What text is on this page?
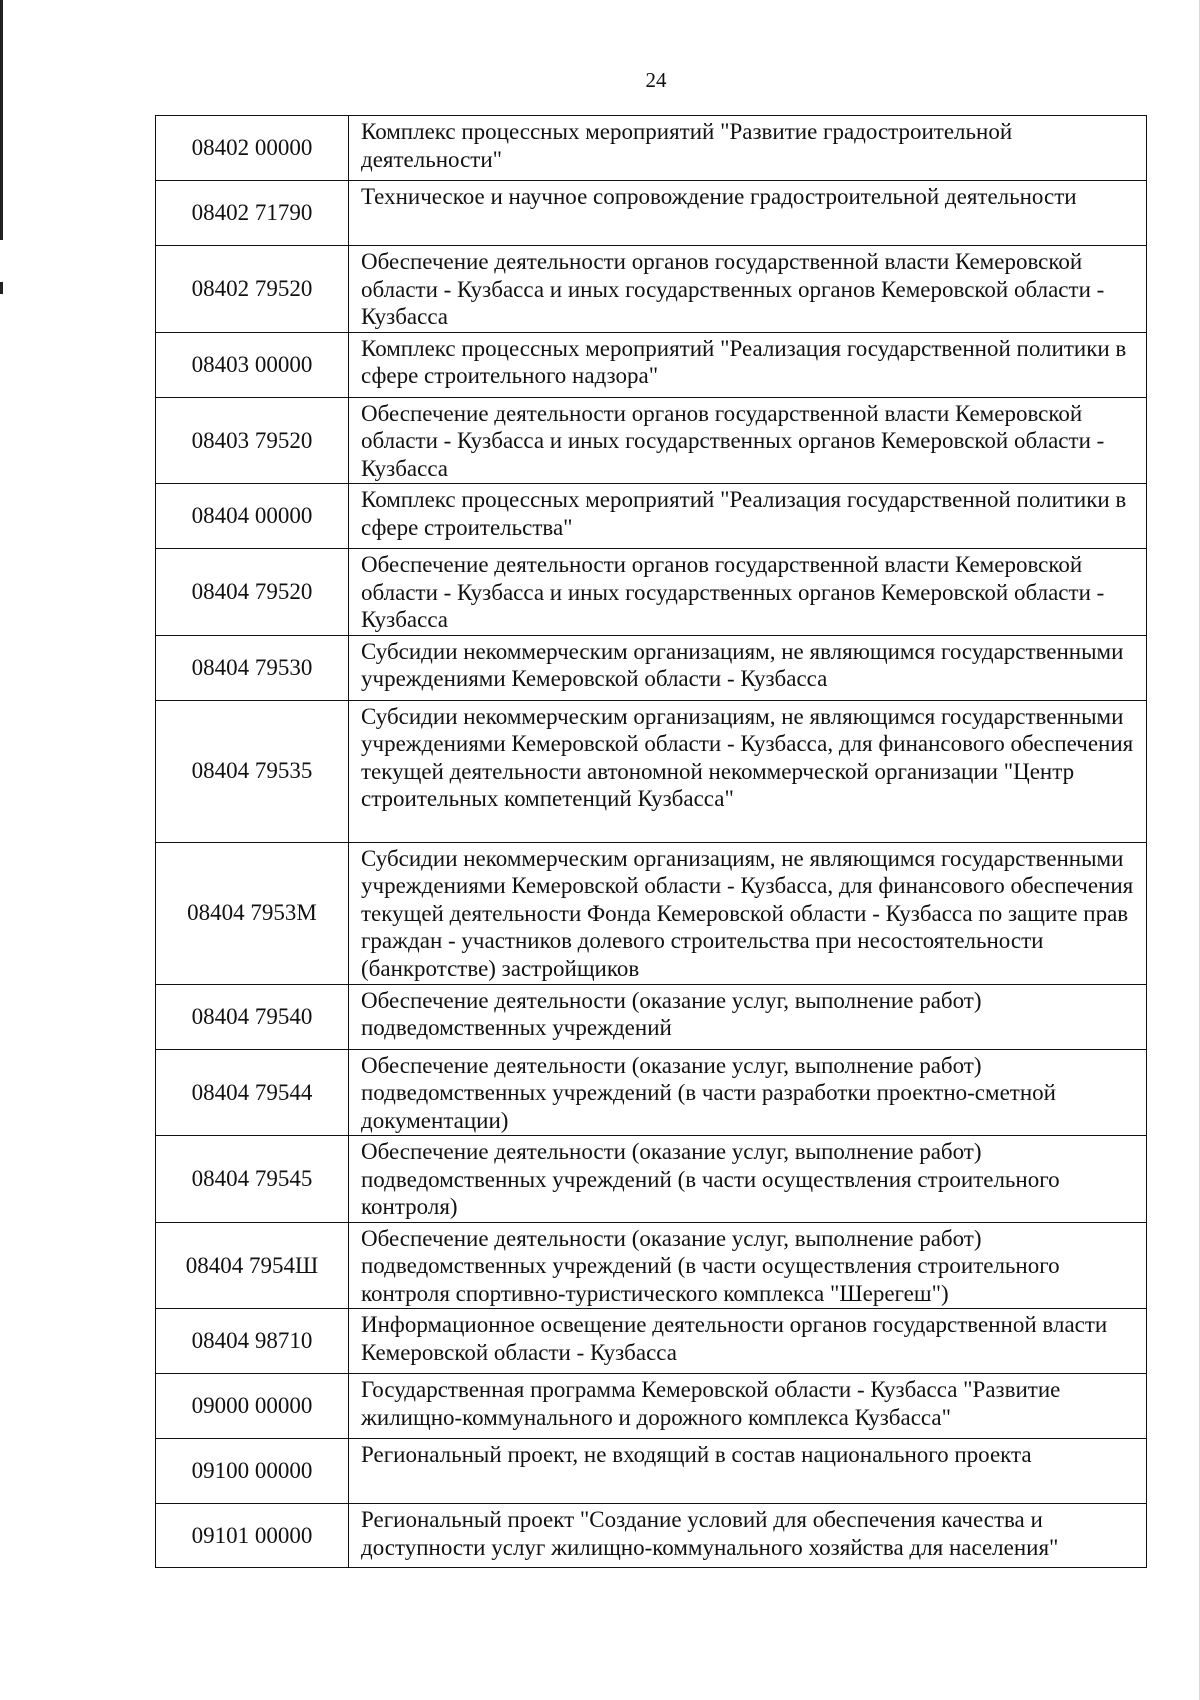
24
08402 00000	Комплекс процессных мероприятий "Развитие градостроительной деятельности"
08402 71790	Техническое и научное сопровождение градостроительной деятельности
08402 79520	Обеспечение деятельности органов государственной власти Кемеровской области - Кузбасса и иных государственных органов Кемеровской области - Кузбасса
08403 00000	Комплекс процессных мероприятий "Реализация государственной политики в сфере строительного надзора"
08403 79520	Обеспечение деятельности органов государственной власти Кемеровской области - Кузбасса и иных государственных органов Кемеровской области - Кузбасса
08404 00000	Комплекс процессных мероприятий "Реализация государственной политики в сфере строительства"
08404 79520	Обеспечение деятельности органов государственной власти Кемеровской области - Кузбасса и иных государственных органов Кемеровской области - Кузбасса
08404 79530	Субсидии некоммерческим организациям, не являющимся государственными учреждениями Кемеровской области - Кузбасса
08404 79535	Субсидии некоммерческим организациям, не являющимся государственными учреждениями Кемеровской области - Кузбасса, для финансового обеспечения текущей деятельности автономной некоммерческой организации "Центр строительных компетенций Кузбасса"
08404 7953М	Субсидии некоммерческим организациям, не являющимся государственными учреждениями Кемеровской области - Кузбасса, для финансового обеспечения текущей деятельности Фонда Кемеровской области - Кузбасса по защите прав граждан - участников долевого строительства при несостоятельности (банкротстве) застройщиков
08404 79540	Обеспечение деятельности (оказание услуг, выполнение работ) подведомственных учреждений
08404 79544	Обеспечение деятельности (оказание услуг, выполнение работ) подведомственных учреждений (в части разработки проектно-сметной документации)
08404 79545	Обеспечение деятельности (оказание услуг, выполнение работ) подведомственных учреждений (в части осуществления строительного контроля)
08404 7954Ш	Обеспечение деятельности (оказание услуг, выполнение работ) подведомственных учреждений (в части осуществления строительного контроля спортивно-туристического комплекса "Шерегеш")
08404 98710	Информационное освещение деятельности органов государственной власти Кемеровской области - Кузбасса
09000 00000	Государственная программа Кемеровской области - Кузбасса "Развитие жилищно-коммунального и дорожного комплекса Кузбасса"
09100 00000	Региональный проект, не входящий в состав национального проекта
09101 00000	Региональный проект "Создание условий для обеспечения качества и доступности услуг жилищно-коммунального хозяйства для населения"
